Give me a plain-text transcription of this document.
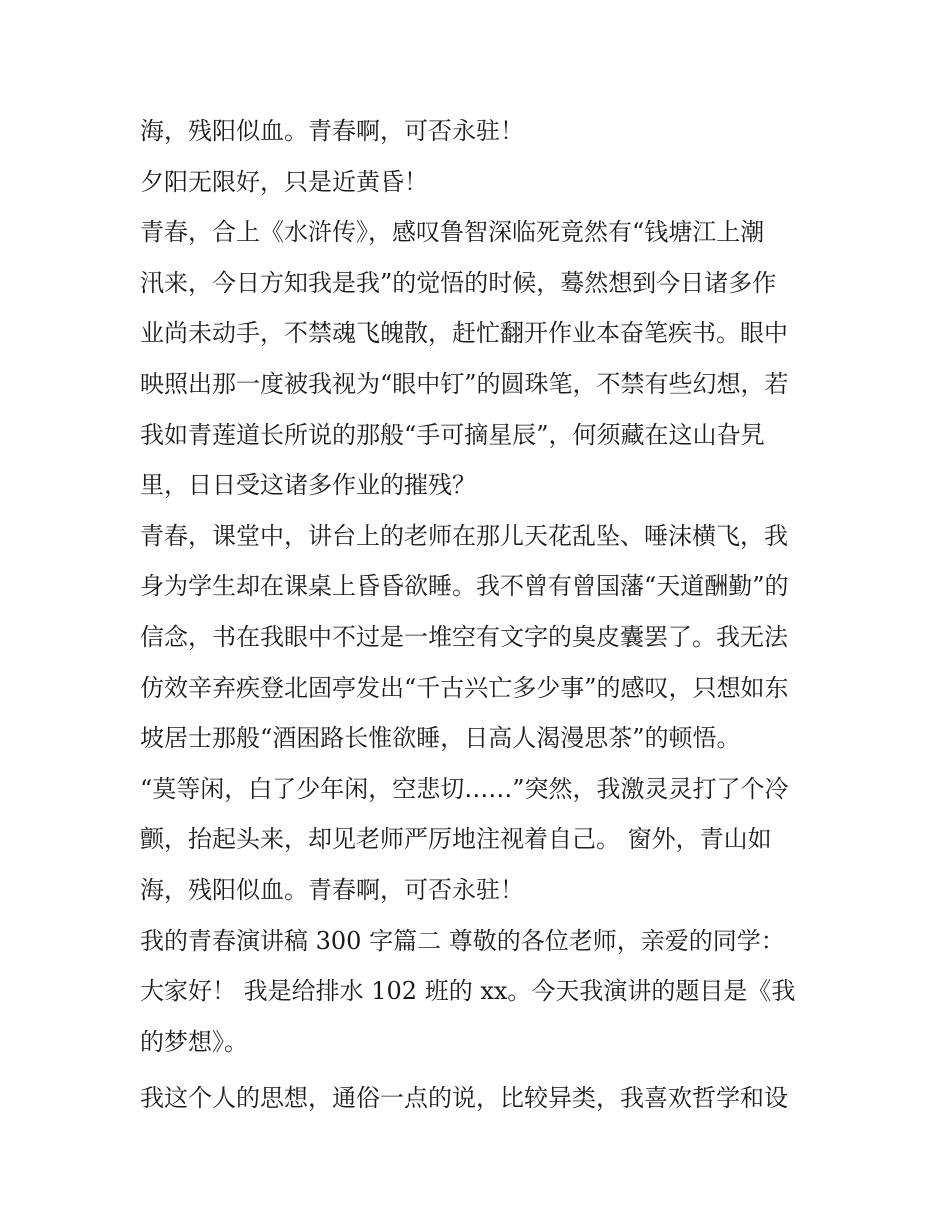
海，残阳似血。青春啊，可否永驻！
夕阳无限好，只是近黄昏！
青春，合上《水浒传》，感叹鲁智深临死竟然有“钱塘江上潮
汛来，今日方知我是我”的觉悟的时候，蓦然想到今日诸多作
业尚未动手，不禁魂飞魄散，赶忙翻开作业本奋笔疾书。眼中
映照出那一度被我视为“眼中钉”的圆珠笔，不禁有些幻想，若
我如青莲道长所说的那般“手可摘星辰”，何须藏在这山旮旯
里，日日受这诸多作业的摧残？
青春，课堂中，讲台上的老师在那儿天花乱坠、唾沫横飞，我
身为学生却在课桌上昏昏欲睡。我不曾有曾国藩“天道酬勤”的
信念，书在我眼中不过是一堆空有文字的臭皮囊罢了。我无法
仿效辛弃疾登北固亭发出“千古兴亡多少事”的感叹，只想如东
坡居士那般“酒困路长惟欲睡，日高人渴漫思茶”的顿悟。
“莫等闲，白了少年闲，空悲切……”突然，我激灵灵打了个冷
颤，抬起头来，却见老师严厉地注视着自己。 窗外，青山如
海，残阳似血。青春啊，可否永驻！
我的青春演讲稿 300 字篇二 尊敬的各位老师，亲爱的同学：
大家好！ 我是给排水 102 班的 xx。今天我演讲的题目是《我
的梦想》。
我这个人的思想，通俗一点的说，比较异类，我喜欢哲学和设
